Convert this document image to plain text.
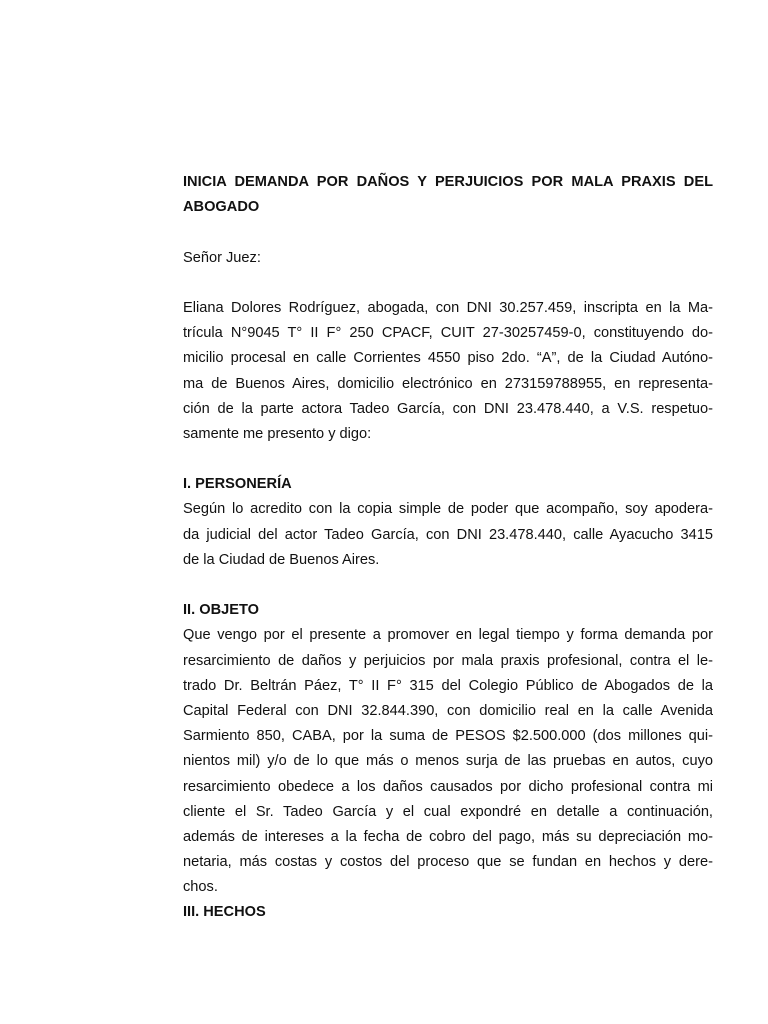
INICIA DEMANDA POR DAÑOS Y PERJUICIOS POR MALA PRAXIS DEL
ABOGADO
Señor Juez:
Eliana Dolores Rodríguez, abogada, con DNI 30.257.459, inscripta en la Ma-
trícula N°9045 T° II F° 250 CPACF, CUIT 27-30257459-0, constituyendo do-
micilio procesal en calle Corrientes 4550 piso 2do. “A”, de la Ciudad Autóno-
ma de Buenos Aires, domicilio electrónico en 273159788955, en representa-
ción de la parte actora Tadeo García, con DNI 23.478.440, a V.S. respetuo-
samente me presento y digo:
I. PERSONERÍA
Según lo acredito con la copia simple de poder que acompaño, soy apodera-
da judicial del actor Tadeo García, con DNI 23.478.440, calle Ayacucho 3415
de la Ciudad de Buenos Aires.
II. OBJETO
Que vengo por el presente a promover en legal tiempo y forma demanda por
resarcimiento de daños y perjuicios por mala praxis profesional, contra el le-
trado Dr. Beltrán Páez, T° II F° 315 del Colegio Público de Abogados de la
Capital Federal con DNI 32.844.390, con domicilio real en la calle Avenida
Sarmiento 850, CABA, por la suma de PESOS $2.500.000 (dos millones qui-
nientos mil) y/o de lo que más o menos surja de las pruebas en autos, cuyo
resarcimiento obedece a los daños causados por dicho profesional contra mi
cliente el Sr. Tadeo García y el cual expondré en detalle a continuación,
además de intereses a la fecha de cobro del pago, más su depreciación mo-
netaria, más costas y costos del proceso que se fundan en hechos y dere-
chos.
III. HECHOS
